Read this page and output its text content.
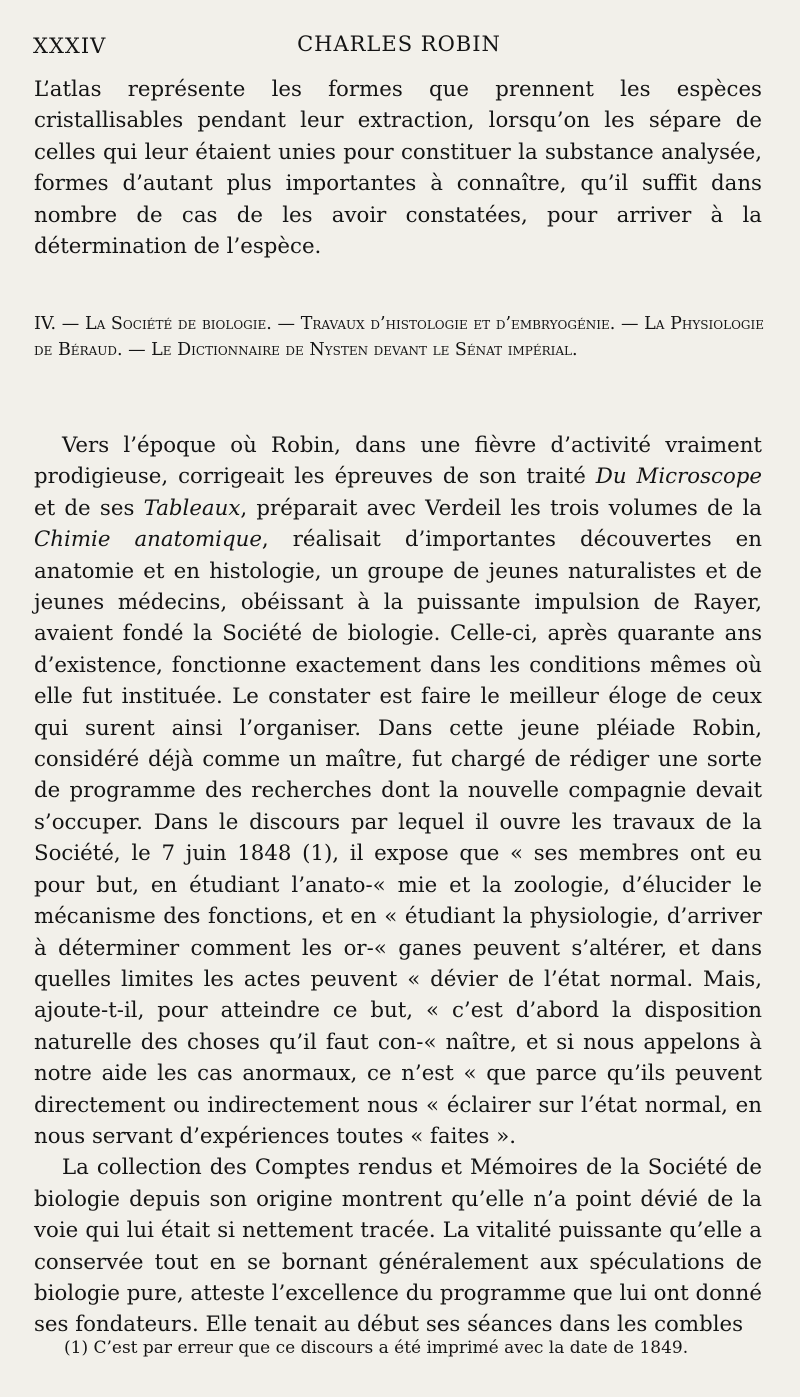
XXXIV	CHARLES ROBIN

L’atlas représente les formes que prennent les espèces cristallisables pendant leur extraction, lorsqu’on les sépare de celles qui leur étaient unies pour constituer la substance analysée, formes d’autant plus importantes à connaître, qu’il suffit dans nombre de cas de les avoir constatées, pour arriver à la détermination de l’espèce.

IV. — La Société de biologie. — Travaux d’histologie et d’embryogénie. — La Physiologie de Béraud. — Le Dictionnaire de Nysten devant le Sénat impérial.

Vers l’époque où Robin, dans une fièvre d’activité vraiment prodigieuse, corrigeait les épreuves de son traité Du Microscope et de ses Tableaux, préparait avec Verdeil les trois volumes de la Chimie anatomique, réalisait d’importantes découvertes en anatomie et en histologie, un groupe de jeunes naturalistes et de jeunes médecins, obéissant à la puissante impulsion de Rayer, avaient fondé la Société de biologie. Celle-ci, après quarante ans d’existence, fonctionne exactement dans les conditions mêmes où elle fut instituée. Le constater est faire le meilleur éloge de ceux qui surent ainsi l’organiser. Dans cette jeune pléiade Robin, considéré déjà comme un maître, fut chargé de rédiger une sorte de programme des recherches dont la nouvelle compagnie devait s’occuper. Dans le discours par lequel il ouvre les travaux de la Société, le 7 juin 1848 (1), il expose que « ses membres ont eu pour but, en étudiant l’anato-« mie et la zoologie, d’élucider le mécanisme des fonctions, et en « étudiant la physiologie, d’arriver à déterminer comment les or-« ganes peuvent s’altérer, et dans quelles limites les actes peuvent « dévier de l’état normal. Mais, ajoute-t-il, pour atteindre ce but, « c’est d’abord la disposition naturelle des choses qu’il faut con-« naître, et si nous appelons à notre aide les cas anormaux, ce n’est « que parce qu’ils peuvent directement ou indirectement nous « éclairer sur l’état normal, en nous servant d’expériences toutes « faites ».

La collection des Comptes rendus et Mémoires de la Société de biologie depuis son origine montrent qu’elle n’a point dévié de la voie qui lui était si nettement tracée. La vitalité puissante qu’elle a conservée tout en se bornant généralement aux spéculations de biologie pure, atteste l’excellence du programme que lui ont donné ses fondateurs. Elle tenait au début ses séances dans les combles

(1) C’est par erreur que ce discours a été imprimé avec la date de 1849.
